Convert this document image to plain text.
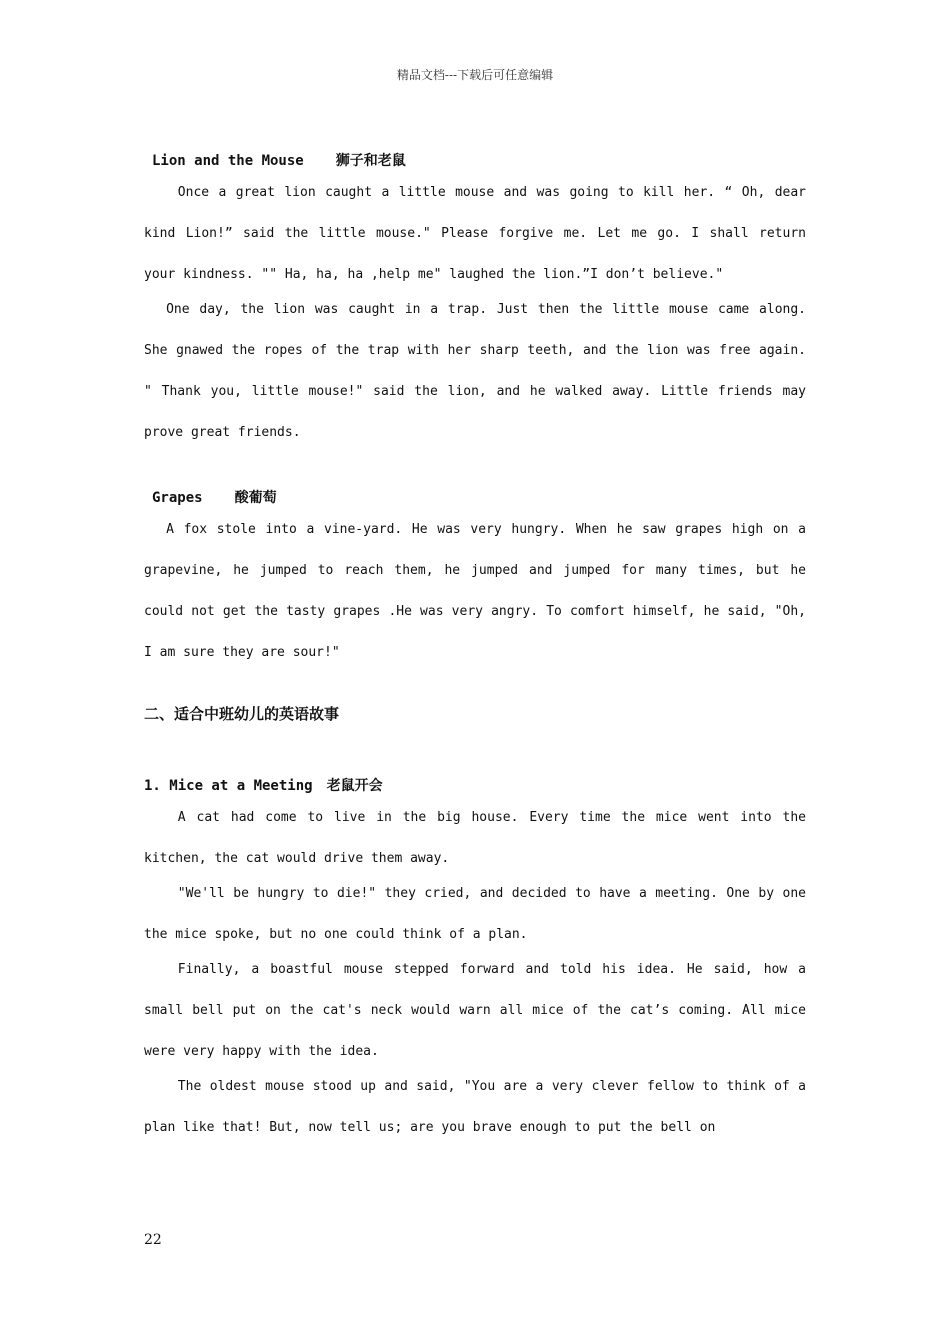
精品文档---下载后可任意编辑

Lion and the Mouse 狮子和老鼠

Once a great lion caught a little mouse and was going to kill her. “ Oh, dear kind Lion!” said the little mouse." Please forgive me. Let me go. I shall return your kindness. "" Ha, ha, ha ,help me" laughed the lion.”I don’t believe."

One day, the lion was caught in a trap. Just then the little mouse came along. She gnawed the ropes of the trap with her sharp teeth, and the lion was free again. " Thank you, little mouse!" said the lion, and he walked away. Little friends may prove great friends.

Grapes 酸葡萄

A fox stole into a vine-yard. He was very hungry. When he saw grapes high on a grapevine, he jumped to reach them, he jumped and jumped for many times, but he could not get the tasty grapes .He was very angry. To comfort himself, he said, "Oh, I am sure they are sour!"

二、适合中班幼儿的英语故事

1. Mice at a Meeting 老鼠开会

A cat had come to live in the big house. Every time the mice went into the kitchen, the cat would drive them away.

"We'll be hungry to die!" they cried, and decided to have a meeting. One by one the mice spoke, but no one could think of a plan.

Finally, a boastful mouse stepped forward and told his idea. He said, how a small bell put on the cat's neck would warn all mice of the cat’s coming. All mice were very happy with the idea.

The oldest mouse stood up and said, "You are a very clever fellow to think of a plan like that! But, now tell us; are you brave enough to put the bell on

22
